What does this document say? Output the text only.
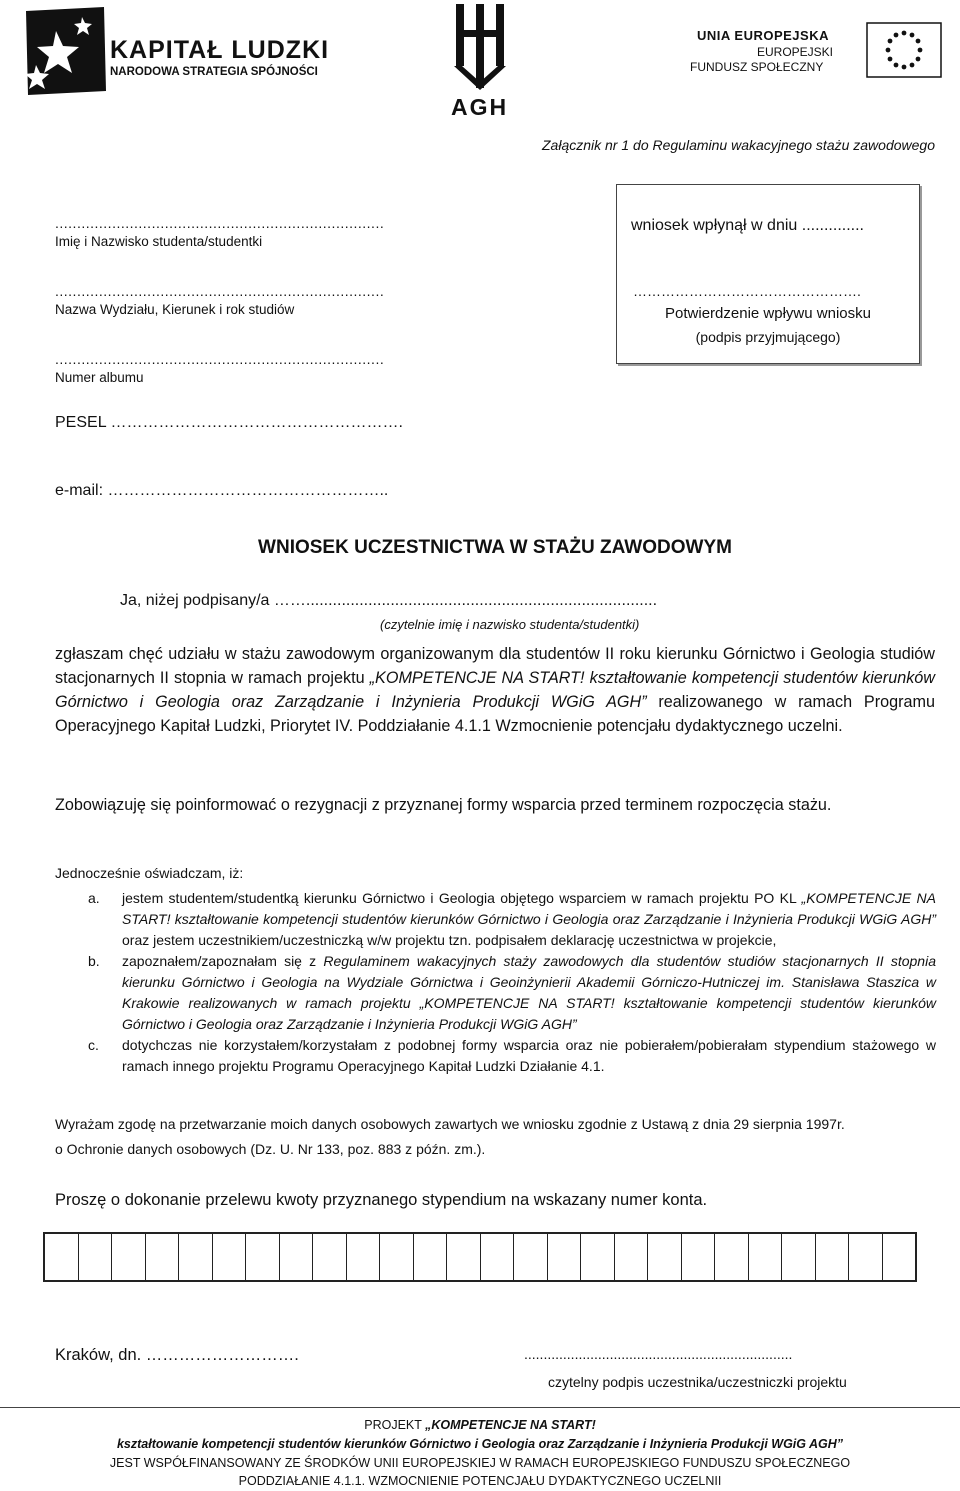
KAPITAŁ LUDZKI
NARODOWA STRATEGIA SPÓJNOŚCI
AGH
UNIA EUROPEJSKA
EUROPEJSKI
FUNDUSZ SPOŁECZNY
Załącznik nr 1 do Regulaminu wakacyjnego stażu zawodowego
...........................................................................
Imię i Nazwisko studenta/studentki
...........................................................................
Nazwa Wydziału, Kierunek i rok studiów
...........................................................................
Numer albumu
PESEL ……………………………………………….
e-mail: ……………………………………………..
wniosek wpłynął w dniu ..............
………………………………………….
Potwierdzenie wpływu wniosku
(podpis przyjmującego)
WNIOSEK UCZESTNICTWA W STAŻU ZAWODOWYM
Ja, niżej podpisany/a ……...............................................................................
(czytelnie imię i nazwisko studenta/studentki)
zgłaszam chęć udziału w stażu zawodowym organizowanym dla studentów II roku kierunku Górnictwo i Geologia studiów stacjonarnych II stopnia w ramach projektu „KOMPETENCJE NA START! kształtowanie kompetencji studentów kierunków Górnictwo i Geologia oraz Zarządzanie i Inżynieria Produkcji WGiG AGH” realizowanego w ramach Programu Operacyjnego Kapitał Ludzki, Priorytet IV. Poddziałanie 4.1.1 Wzmocnienie potencjału dydaktycznego uczelni.
Zobowiązuję się poinformować o rezygnacji z przyznanej formy wsparcia przed terminem rozpoczęcia stażu.
Jednocześnie oświadczam, iż:
a. jestem studentem/studentką kierunku Górnictwo i Geologia objętego wsparciem w ramach projektu PO KL „KOMPETENCJE NA START! kształtowanie kompetencji studentów kierunków Górnictwo i Geologia oraz Zarządzanie i Inżynieria Produkcji WGiG AGH” oraz jestem uczestnikiem/uczestniczką w/w projektu tzn. podpisałem deklarację uczestnictwa w projekcie,
b. zapoznałem/zapoznałam się z Regulaminem wakacyjnych staży zawodowych dla studentów studiów stacjonarnych II stopnia kierunku Górnictwo i Geologia na Wydziale Górnictwa i Geoinżynierii Akademii Górniczo-Hutniczej im. Stanisława Staszica w Krakowie realizowanych w ramach projektu „KOMPETENCJE NA START! kształtowanie kompetencji studentów kierunków Górnictwo i Geologia oraz Zarządzanie i Inżynieria Produkcji WGiG AGH”
c. dotychczas nie korzystałem/korzystałam z podobnej formy wsparcia oraz nie pobierałem/pobierałam stypendium stażowego w ramach innego projektu Programu Operacyjnego Kapitał Ludzki Działanie 4.1.
Wyrażam zgodę na przetwarzanie moich danych osobowych zawartych we wniosku zgodnie z Ustawą z dnia 29 sierpnia 1997r.
o Ochronie danych osobowych (Dz. U. Nr 133, poz. 883 z późn. zm.).
Proszę o dokonanie przelewu kwoty przyznanego stypendium na wskazany numer konta.
Kraków, dn. ……………………….	.....................................................................
czytelny podpis uczestnika/uczestniczki projektu
PROJEKT „KOMPETENCJE NA START!
kształtowanie kompetencji studentów kierunków Górnictwo i Geologia oraz Zarządzanie i Inżynieria Produkcji WGiG AGH”
JEST WSPÓŁFINANSOWANY ZE ŚRODKÓW UNII EUROPEJSKIEJ W RAMACH EUROPEJSKIEGO FUNDUSZU SPOŁECZNEGO
PODDZIAŁANIE 4.1.1. WZMOCNIENIE POTENCJAŁU DYDAKTYCZNEGO UCZELNII
